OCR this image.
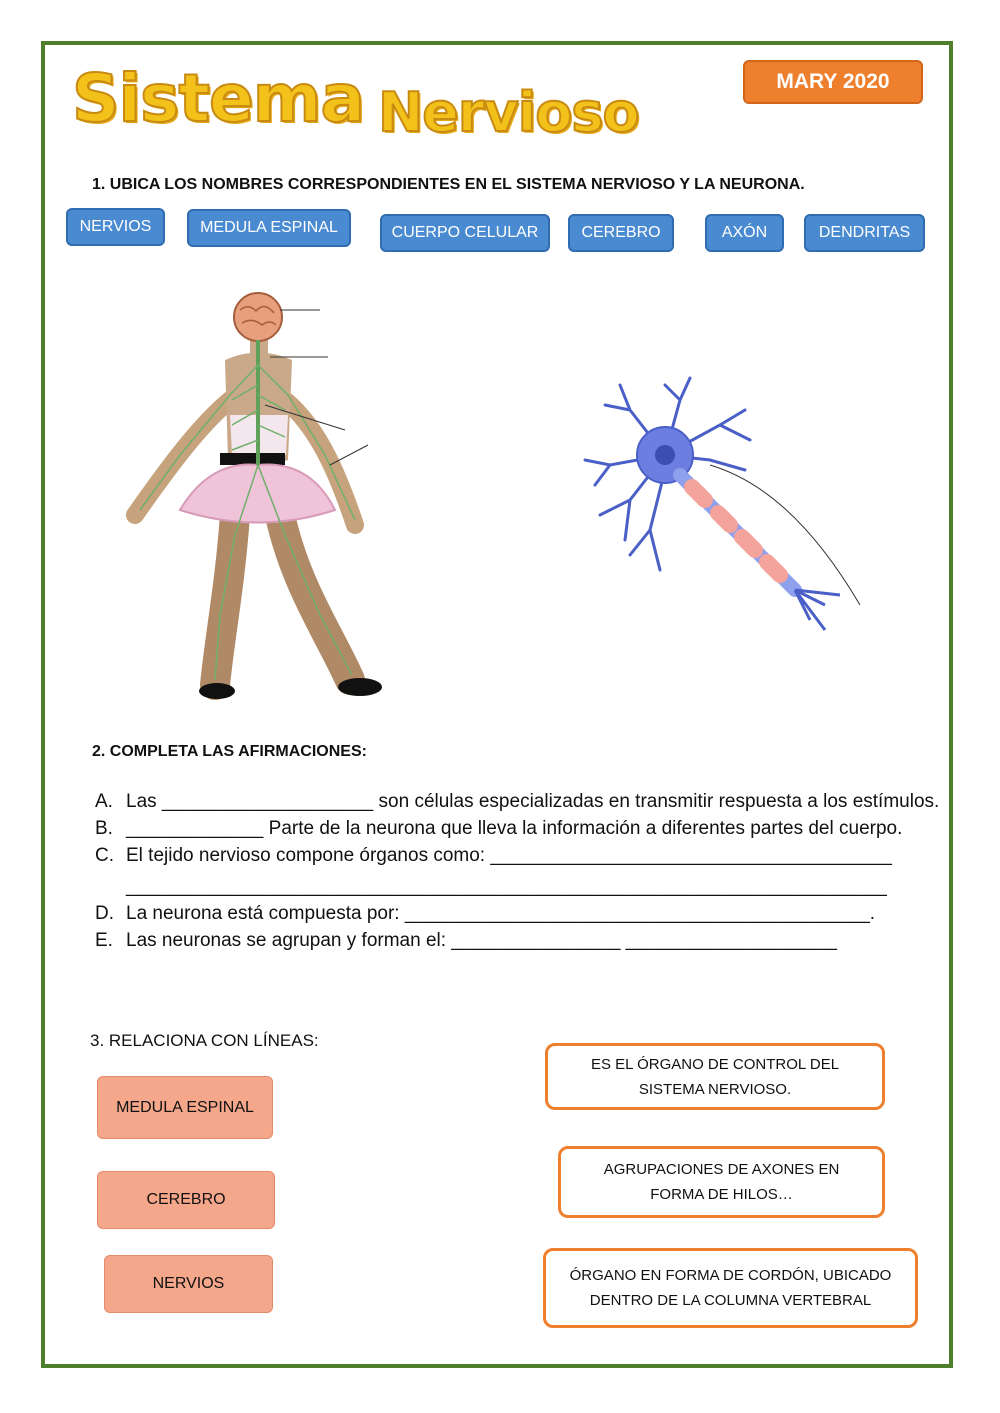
Sistema Nervioso	MARY 2020
1. UBICA LOS NOMBRES CORRESPONDIENTES EN EL SISTEMA NERVIOSO Y LA NEURONA.
NERVIOS	MEDULA ESPINAL	CUERPO CELULAR	CEREBRO	AXÓN	DENDRITAS
2. COMPLETA LAS AFIRMACIONES:
A. Las ____________________ son células especializadas en transmitir respuesta a los estímulos.
B. _____________ Parte de la neurona que lleva la información a diferentes partes del cuerpo.
C. El tejido nervioso compone órganos como: ______________________________________
________________________________________________________________________
D. La neurona está compuesta por: ____________________________________________.
E. Las neuronas se agrupan y forman el: ________________ ____________________
3. RELACIONA CON LÍNEAS:
MEDULA ESPINAL
CEREBRO
NERVIOS
ES EL ÓRGANO DE CONTROL DEL SISTEMA NERVIOSO.
AGRUPACIONES DE AXONES EN FORMA DE HILOS…
ÓRGANO EN FORMA DE CORDÓN, UBICADO DENTRO DE LA COLUMNA VERTEBRAL
